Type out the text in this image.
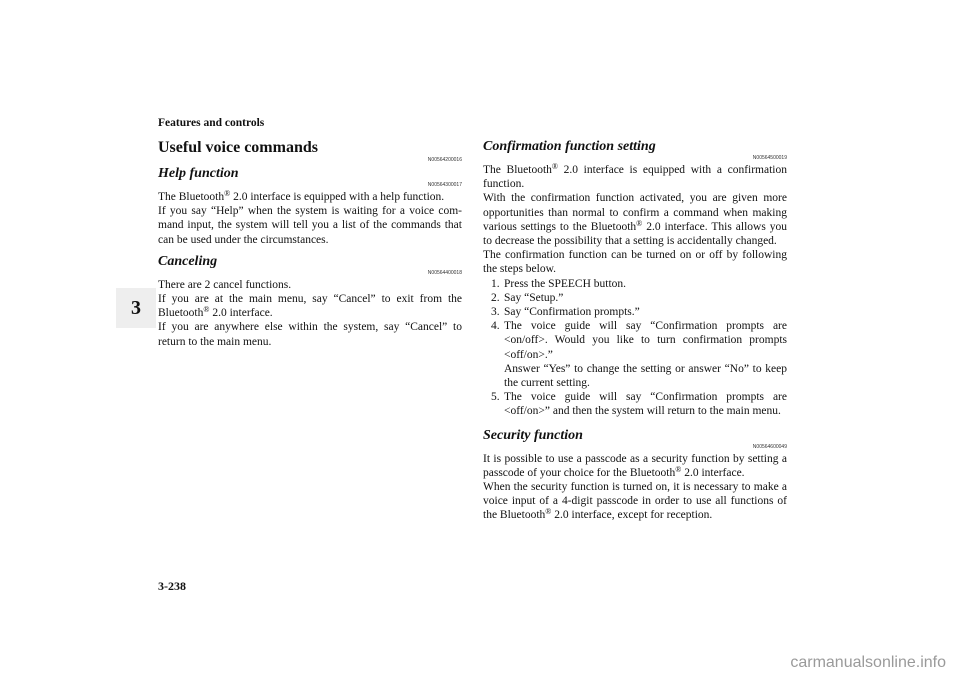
Features and controls
3
Useful voice commands
N00564200016
Help function
N00564300017

The Bluetooth® 2.0 interface is equipped with a help function.

If you say “Help” when the system is waiting for a voice com-mand input, the system will tell you a list of the commands that can be used under the circumstances.

Canceling
N00564400018

There are 2 cancel functions.

If you are at the main menu, say “Cancel” to exit from the Bluetooth® 2.0 interface.

If you are anywhere else within the system, say “Cancel” to return to the main menu.

Confirmation function setting
N00564500019

The Bluetooth® 2.0 interface is equipped with a confirmation function.

With the confirmation function activated, you are given more opportunities than normal to confirm a command when making various settings to the Bluetooth® 2.0 interface. This allows you to decrease the possibility that a setting is accidentally changed.

The confirmation function can be turned on or off by following the steps below.

1. Press the SPEECH button.
2. Say “Setup.”
3. Say “Confirmation prompts.”
4. The voice guide will say “Confirmation prompts are <on/off>. Would you like to turn confirmation prompts <off/on>.”
Answer “Yes” to change the setting or answer “No” to keep the current setting.
5. The voice guide will say “Confirmation prompts are <off/on>” and then the system will return to the main menu.
Security function
N00564600049

It is possible to use a passcode as a security function by setting a passcode of your choice for the Bluetooth® 2.0 interface.

When the security function is turned on, it is necessary to make a voice input of a 4-digit passcode in order to use all functions of the Bluetooth® 2.0 interface, except for reception.

3-238
carmanualsonline.info
